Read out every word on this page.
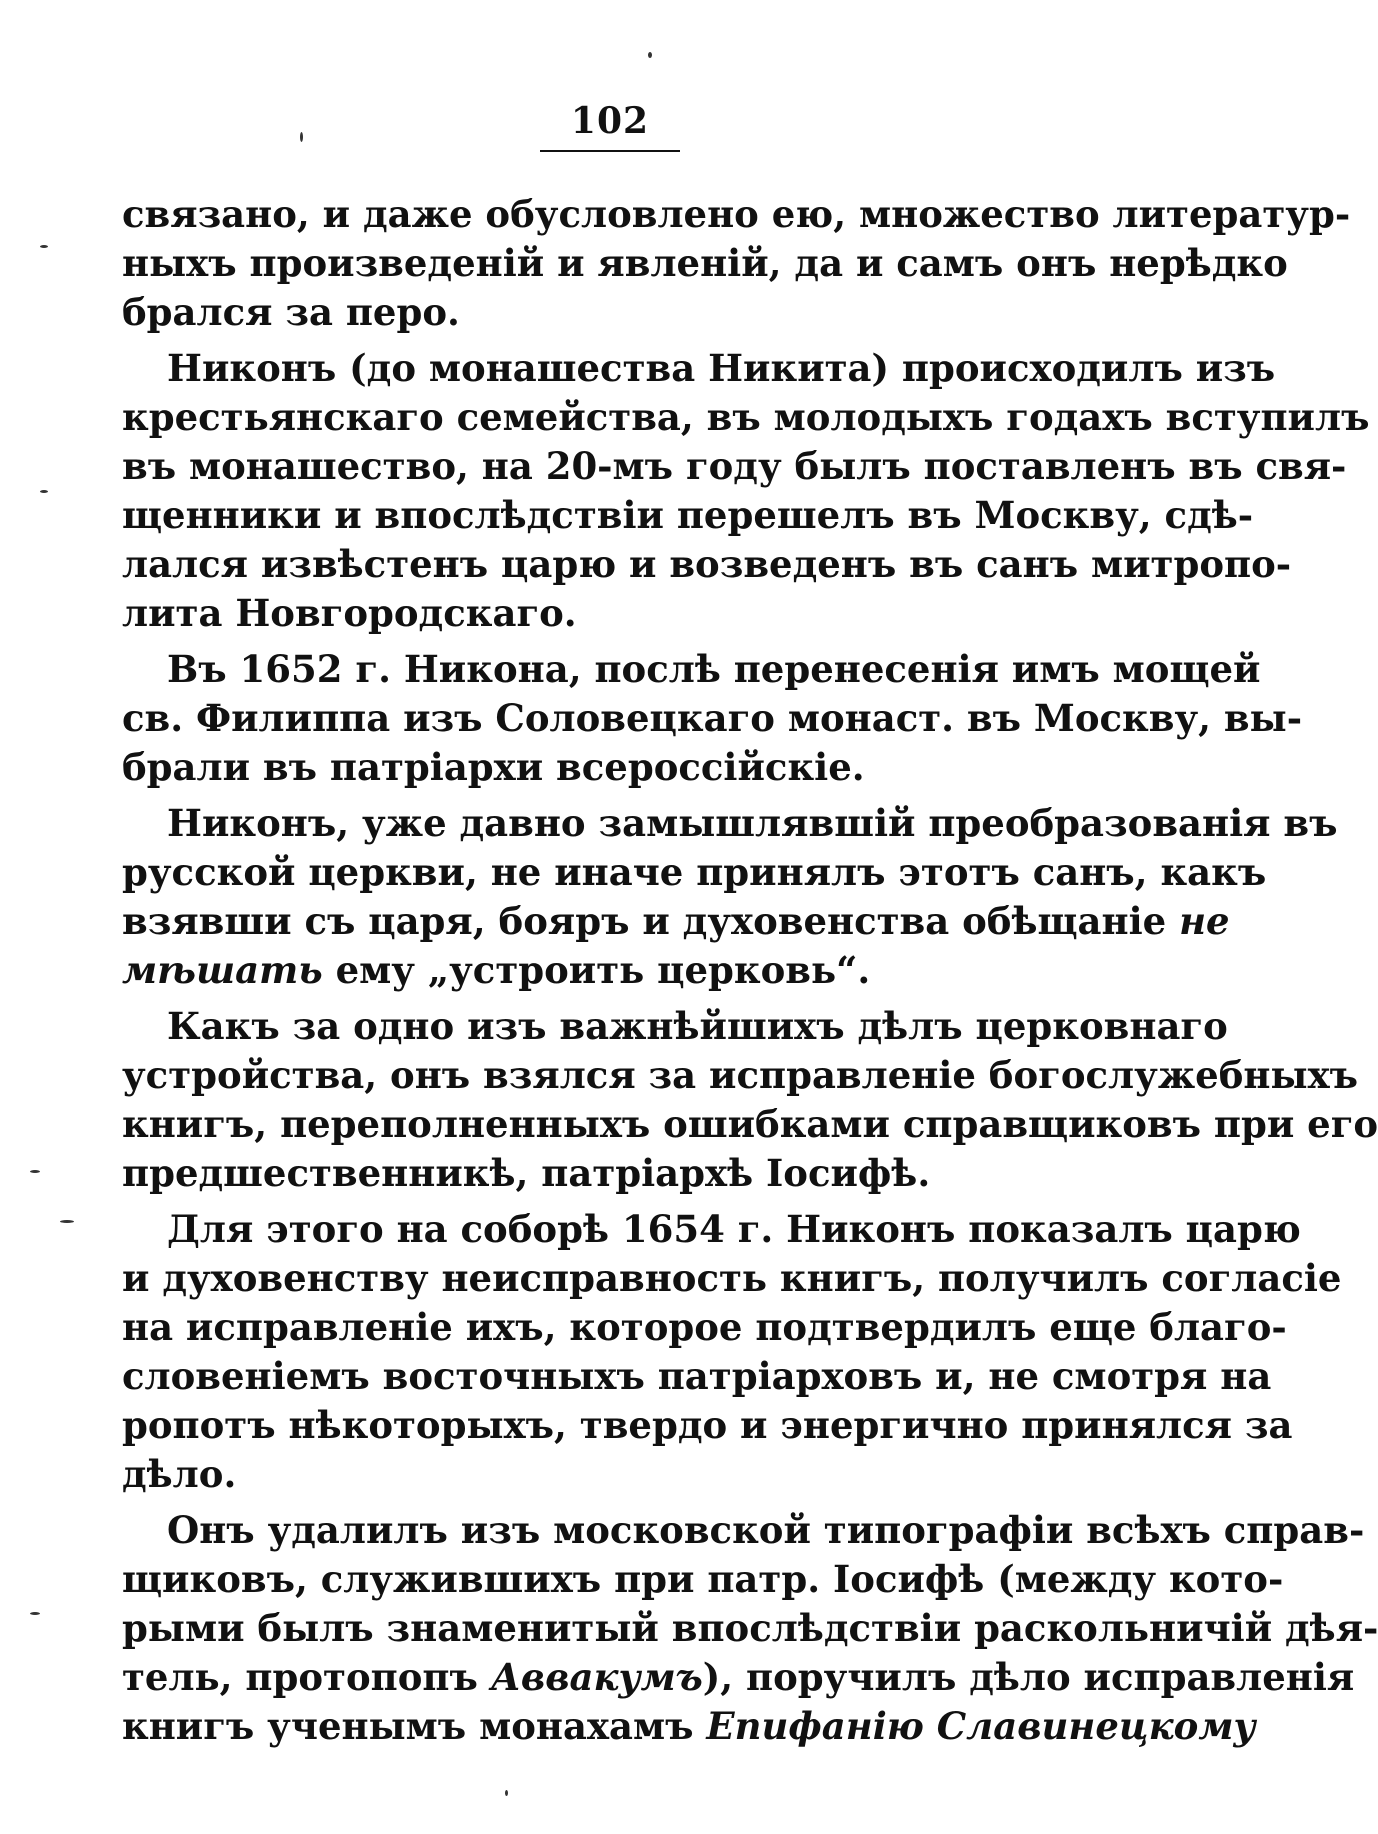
102
связано, и даже обусловлено ею, множество литератур-
ныхъ произведенiй и явленiй, да и самъ онъ нерѣдко
брался за перо.
Никонъ (до монашества Никита) происходилъ изъ
крестьянскаго семейства, въ молодыхъ годахъ вступилъ
въ монашество, на 20-мъ году былъ поставленъ въ свя-
щенники и впослѣдствiи перешелъ въ Москву, сдѣ-
лался извѣстенъ царю и возведенъ въ санъ митропо-
лита Новгородскаго.
Въ 1652 г. Никона, послѣ перенесенiя имъ мощей
св. Филиппа изъ Соловецкаго монаст. въ Москву, вы-
брали въ патрiархи всероссiйскiе.
Никонъ, уже давно замышлявшiй преобразованiя въ
русской церкви, не иначе принялъ этотъ санъ, какъ
взявши съ царя, бояръ и духовенства обѣщанiе не
мѣшать ему „устроить церковь“.
Какъ за одно изъ важнѣйшихъ дѣлъ церковнаго
устройства, онъ взялся за исправленiе богослужебныхъ
книгъ, переполненныхъ ошибками справщиковъ при его
предшественникѣ, патрiархѣ Iосифѣ.
Для этого на соборѣ 1654 г. Никонъ показалъ царю
и духовенству неисправность книгъ, получилъ согласiе
на исправленiе ихъ, которое подтвердилъ еще благо-
словенiемъ восточныхъ патрiарховъ и, не смотря на
ропотъ нѣкоторыхъ, твердо и энергично принялся за
дѣло.
Онъ удалилъ изъ московской типографiи всѣхъ справ-
щиковъ, служившихъ при патр. Iосифѣ (между кото-
рыми былъ знаменитый впослѣдствiи раскольничiй дѣя-
тель, протопопъ Аввакумъ), поручилъ дѣло исправленiя
книгъ ученымъ монахамъ Епифанiю Славинецкому
